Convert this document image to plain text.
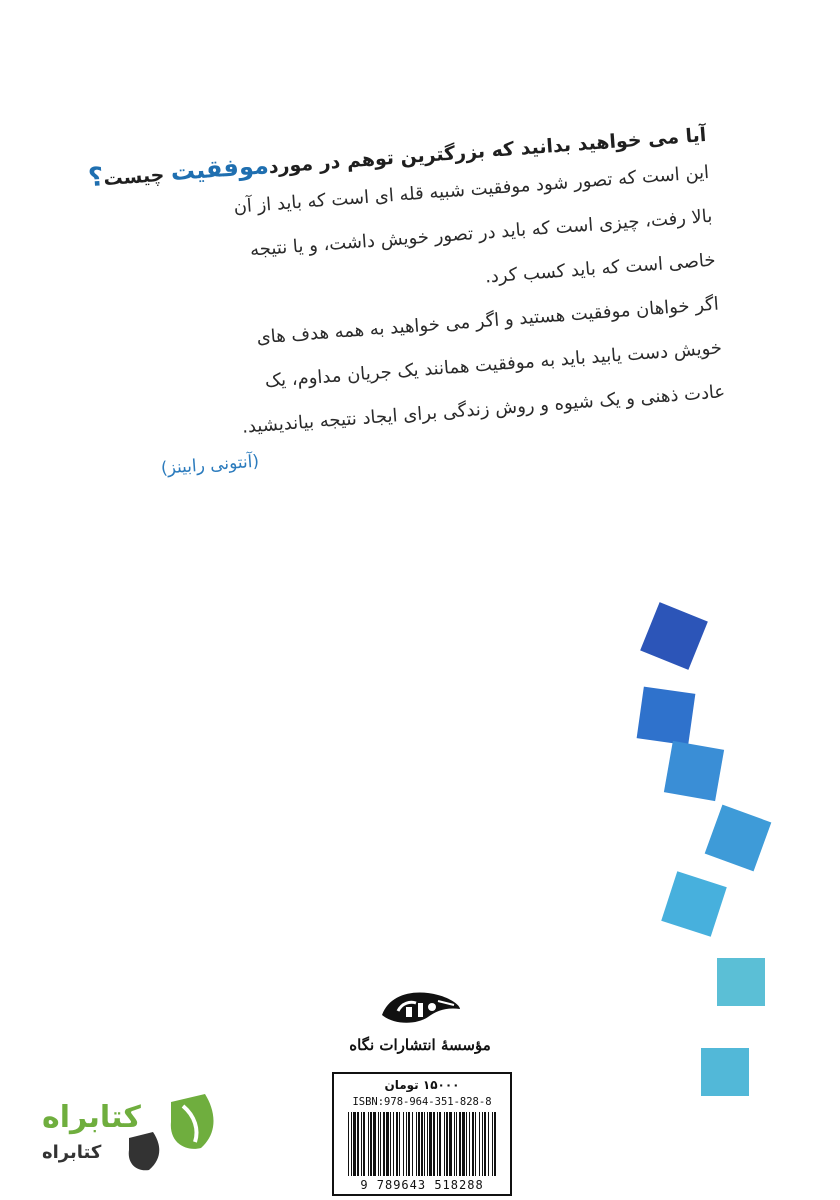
آیا می خواهید بدانید که بزرگترین توهم در موردموفقیت چیست؟	این است که تصور شود موفقیت شبیه قله ای است که باید از آن
بالا رفت، چیزی است که باید در تصور خویش داشت، و یا نتیجه
خاصی است که باید کسب کرد.
اگر خواهان موفقیت هستید و اگر می خواهید به همه هدف های
خویش دست یابید باید به موفقیت همانند یک جریان مداوم، یک
عادت ذهنی و یک شیوه و روش زندگی برای ایجاد نتیجه بیاندیشید.
(آنتونی رابینز)
مؤسسهٔ انتشارات نگاه
۱۵۰۰۰ تومان
ISBN:978-964-351-828-8
9 789643 518288
کتابراه
کتابراه
